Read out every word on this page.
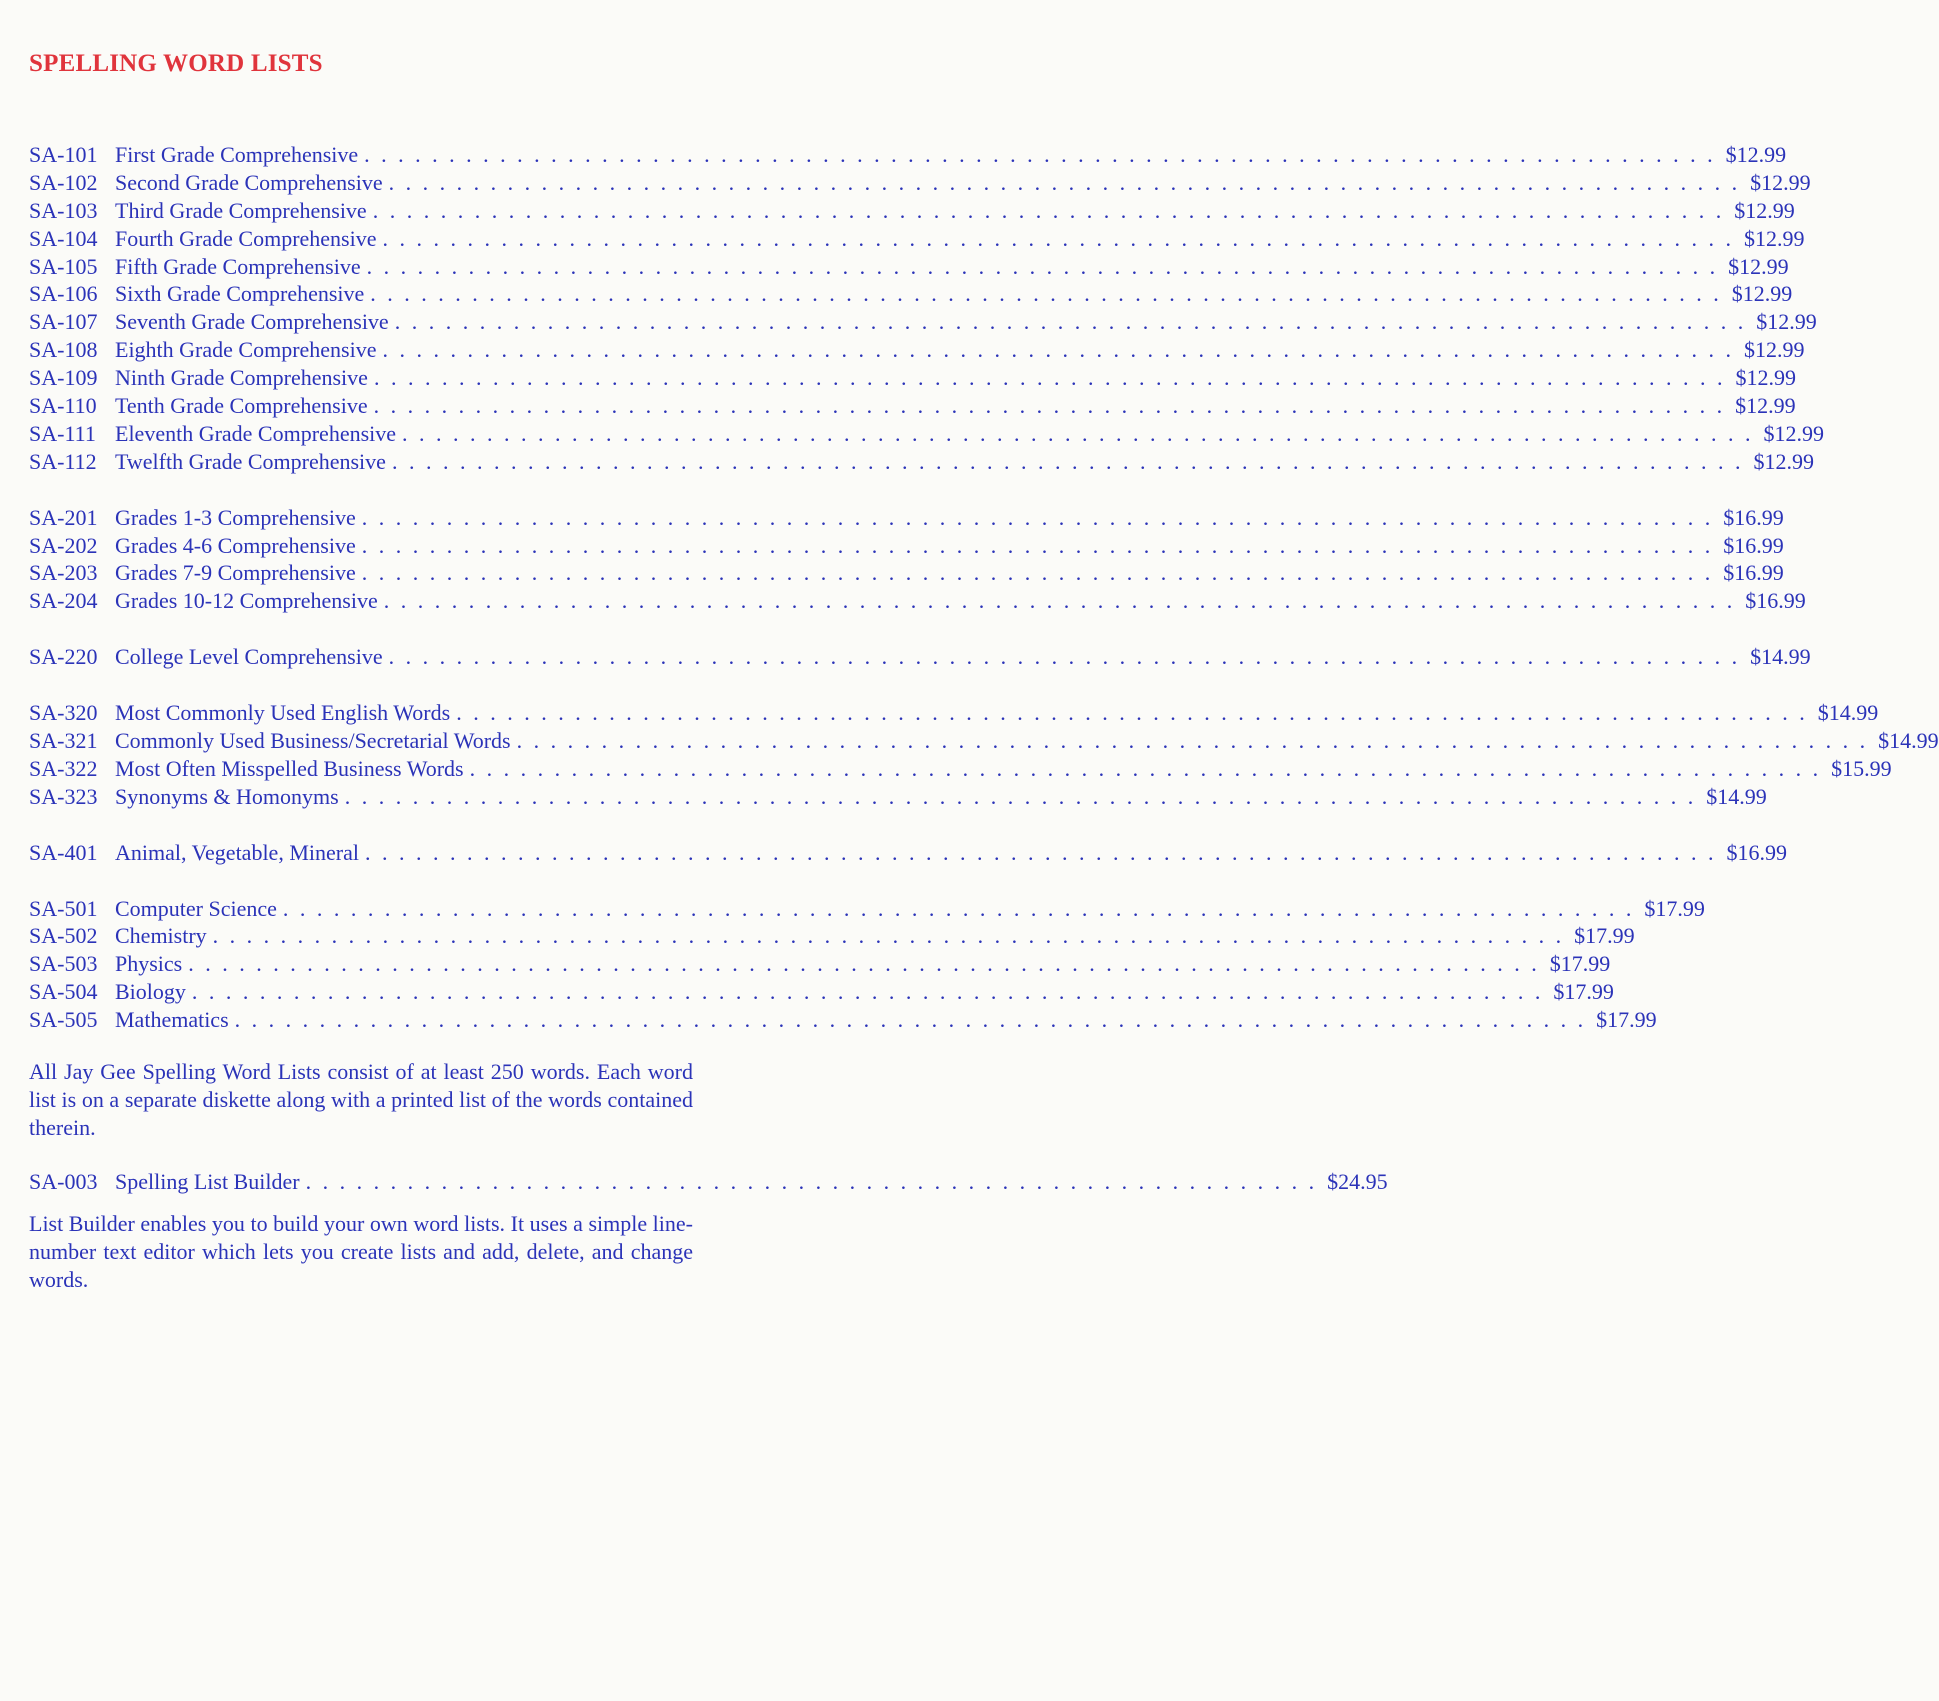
SPELLING WORD LISTS
SA-101 First Grade Comprehensive . . . . . . . . . . . . . . . . . . . . . . . . . . . . . . . . . . . . . . . . . . . . . . . . . . . . . . . . . . . . . . . . . . . . . . . . . . . . . . . . $12.99
SA-102 Second Grade Comprehensive . . . . . . . . . . . . . . . . . . . . . . . . . . . . . . . . . . . . . . . . . . . . . . . . . . . . . . . . . . . . . . . . . . . . . . . . . . . . . . . . $12.99
SA-103 Third Grade Comprehensive . . . . . . . . . . . . . . . . . . . . . . . . . . . . . . . . . . . . . . . . . . . . . . . . . . . . . . . . . . . . . . . . . . . . . . . . . . . . . . . . $12.99
SA-104 Fourth Grade Comprehensive . . . . . . . . . . . . . . . . . . . . . . . . . . . . . . . . . . . . . . . . . . . . . . . . . . . . . . . . . . . . . . . . . . . . . . . . . . . . . . . . $12.99
SA-105 Fifth Grade Comprehensive . . . . . . . . . . . . . . . . . . . . . . . . . . . . . . . . . . . . . . . . . . . . . . . . . . . . . . . . . . . . . . . . . . . . . . . . . . . . . . . . $12.99
SA-106 Sixth Grade Comprehensive . . . . . . . . . . . . . . . . . . . . . . . . . . . . . . . . . . . . . . . . . . . . . . . . . . . . . . . . . . . . . . . . . . . . . . . . . . . . . . . . $12.99
SA-107 Seventh Grade Comprehensive . . . . . . . . . . . . . . . . . . . . . . . . . . . . . . . . . . . . . . . . . . . . . . . . . . . . . . . . . . . . . . . . . . . . . . . . . . . . . . . . $12.99
SA-108 Eighth Grade Comprehensive . . . . . . . . . . . . . . . . . . . . . . . . . . . . . . . . . . . . . . . . . . . . . . . . . . . . . . . . . . . . . . . . . . . . . . . . . . . . . . . . $12.99
SA-109 Ninth Grade Comprehensive . . . . . . . . . . . . . . . . . . . . . . . . . . . . . . . . . . . . . . . . . . . . . . . . . . . . . . . . . . . . . . . . . . . . . . . . . . . . . . . . $12.99
SA-110 Tenth Grade Comprehensive . . . . . . . . . . . . . . . . . . . . . . . . . . . . . . . . . . . . . . . . . . . . . . . . . . . . . . . . . . . . . . . . . . . . . . . . . . . . . . . . $12.99
SA-111 Eleventh Grade Comprehensive . . . . . . . . . . . . . . . . . . . . . . . . . . . . . . . . . . . . . . . . . . . . . . . . . . . . . . . . . . . . . . . . . . . . . . . . . . . . . . . . $12.99
SA-112 Twelfth Grade Comprehensive . . . . . . . . . . . . . . . . . . . . . . . . . . . . . . . . . . . . . . . . . . . . . . . . . . . . . . . . . . . . . . . . . . . . . . . . . . . . . . . . $12.99
SA-201 Grades 1-3 Comprehensive . . . . . . . . . . . . . . . . . . . . . . . . . . . . . . . . . . . . . . . . . . . . . . . . . . . . . . . . . . . . . . . . . . . . . . . . . . . . . . . . $16.99
SA-202 Grades 4-6 Comprehensive . . . . . . . . . . . . . . . . . . . . . . . . . . . . . . . . . . . . . . . . . . . . . . . . . . . . . . . . . . . . . . . . . . . . . . . . . . . . . . . . $16.99
SA-203 Grades 7-9 Comprehensive . . . . . . . . . . . . . . . . . . . . . . . . . . . . . . . . . . . . . . . . . . . . . . . . . . . . . . . . . . . . . . . . . . . . . . . . . . . . . . . . $16.99
SA-204 Grades 10-12 Comprehensive . . . . . . . . . . . . . . . . . . . . . . . . . . . . . . . . . . . . . . . . . . . . . . . . . . . . . . . . . . . . . . . . . . . . . . . . . . . . . . . . $16.99
SA-220 College Level Comprehensive . . . . . . . . . . . . . . . . . . . . . . . . . . . . . . . . . . . . . . . . . . . . . . . . . . . . . . . . . . . . . . . . . . . . . . . . . . . . . . . . $14.99
SA-320 Most Commonly Used English Words . . . . . . . . . . . . . . . . . . . . . . . . . . . . . . . . . . . . . . . . . . . . . . . . . . . . . . . . . . . . . . . . . . . . . . . . . . . . . . . . $14.99
SA-321 Commonly Used Business/Secretarial Words . . . . . . . . . . . . . . . . . . . . . . . . . . . . . . . . . . . . . . . . . . . . . . . . . . . . . . . . . . . . . . . . . . . . . . . . . . . . . . . . $14.99
SA-322 Most Often Misspelled Business Words . . . . . . . . . . . . . . . . . . . . . . . . . . . . . . . . . . . . . . . . . . . . . . . . . . . . . . . . . . . . . . . . . . . . . . . . . . . . . . . . $15.99
SA-323 Synonyms & Homonyms . . . . . . . . . . . . . . . . . . . . . . . . . . . . . . . . . . . . . . . . . . . . . . . . . . . . . . . . . . . . . . . . . . . . . . . . . . . . . . . . $14.99
SA-401 Animal, Vegetable, Mineral . . . . . . . . . . . . . . . . . . . . . . . . . . . . . . . . . . . . . . . . . . . . . . . . . . . . . . . . . . . . . . . . . . . . . . . . . . . . . . . . $16.99
SA-501 Computer Science . . . . . . . . . . . . . . . . . . . . . . . . . . . . . . . . . . . . . . . . . . . . . . . . . . . . . . . . . . . . . . . . . . . . . . . . . . . . . . . . $17.99
SA-502 Chemistry . . . . . . . . . . . . . . . . . . . . . . . . . . . . . . . . . . . . . . . . . . . . . . . . . . . . . . . . . . . . . . . . . . . . . . . . . . . . . . . . $17.99
SA-503 Physics . . . . . . . . . . . . . . . . . . . . . . . . . . . . . . . . . . . . . . . . . . . . . . . . . . . . . . . . . . . . . . . . . . . . . . . . . . . . . . . . $17.99
SA-504 Biology . . . . . . . . . . . . . . . . . . . . . . . . . . . . . . . . . . . . . . . . . . . . . . . . . . . . . . . . . . . . . . . . . . . . . . . . . . . . . . . . $17.99
SA-505 Mathematics . . . . . . . . . . . . . . . . . . . . . . . . . . . . . . . . . . . . . . . . . . . . . . . . . . . . . . . . . . . . . . . . . . . . . . . . . . . . . . . . $17.99

All Jay Gee Spelling Word Lists consist of at least 250 words. Each word list is on a separate diskette along with a printed list of the words contained therein.

SA-003 Spelling List Builder . . . . . . . . . . . . . . . . . . . . . . . . . . . . . . . . . . . . . . . . . . . . . . . . . . . . . . . . . . . . $24.95

List Builder enables you to build your own word lists. It uses a simple line-number text editor which lets you create lists and add, delete, and change words.
